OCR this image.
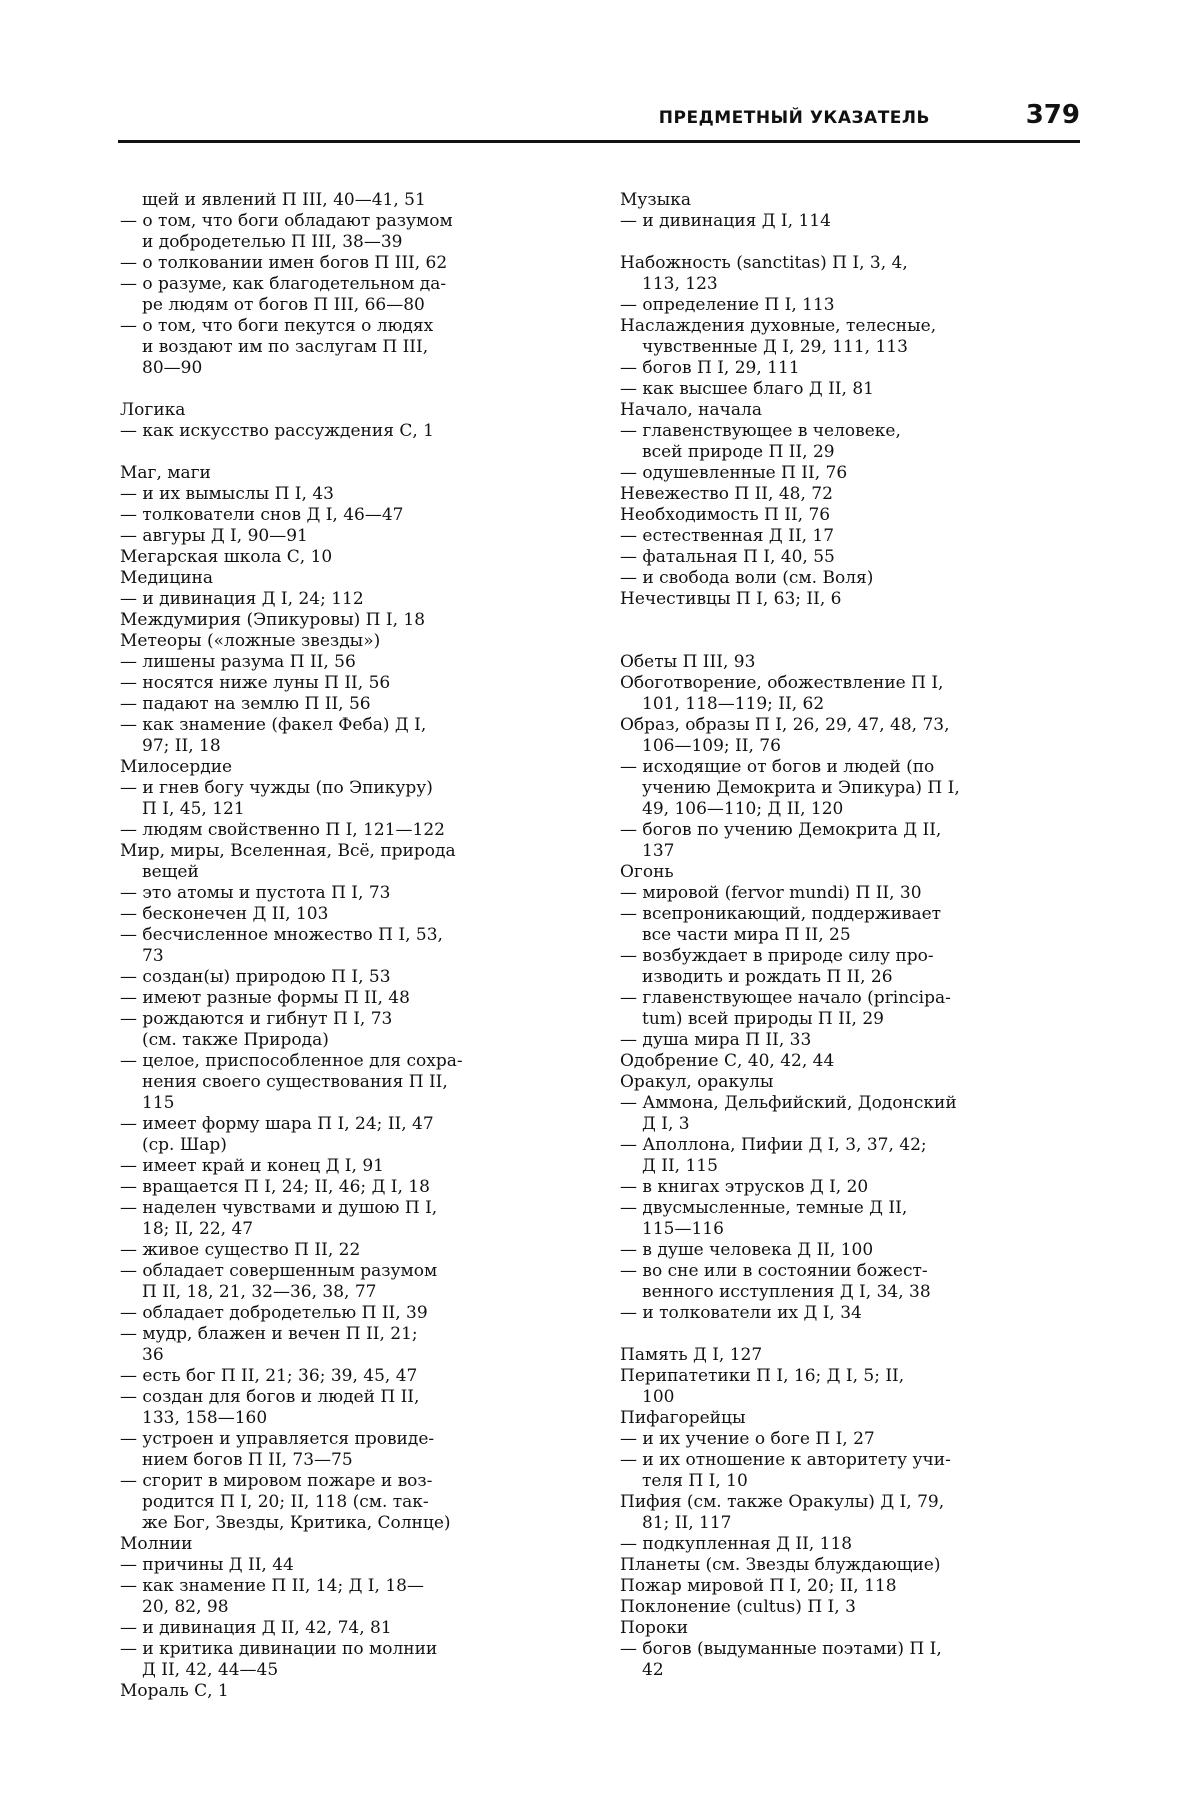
ПРЕДМЕТНЫЙ УКАЗАТЕЛЬ	379
щей и явлений П III, 40—41, 51
— о том, что боги обладают разумом
и добродетелью П III, 38—39
— о толковании имен богов П III, 62
— о разуме, как благодетельном да-
ре людям от богов П III, 66—80
— о том, что боги пекутся о людях
и воздают им по заслугам П III,
80—90
Логика
— как искусство рассуждения С, 1
Маг, маги
— и их вымыслы П I, 43
— толкователи снов Д I, 46—47
— авгуры Д I, 90—91
Мегарская школа С, 10
Медицина
— и дивинация Д I, 24; 112
Междумирия (Эпикуровы) П I, 18
Метеоры («ложные звезды»)
— лишены разума П II, 56
— носятся ниже луны П II, 56
— падают на землю П II, 56
— как знамение (факел Феба) Д I,
97; II, 18
Милосердие
— и гнев богу чужды (по Эпикуру)
П I, 45, 121
— людям свойственно П I, 121—122
Мир, миры, Вселенная, Всё, природа
вещей
— это атомы и пустота П I, 73
— бесконечен Д II, 103
— бесчисленное множество П I, 53,
73
— создан(ы) природою П I, 53
— имеют разные формы П II, 48
— рождаются и гибнут П I, 73
(см. также Природа)
— целое, приспособленное для сохра-
нения своего существования П II,
115
— имеет форму шара П I, 24; II, 47
(ср. Шар)
— имеет край и конец Д I, 91
— вращается П I, 24; II, 46; Д I, 18
— наделен чувствами и душою П I,
18; II, 22, 47
— живое существо П II, 22
— обладает совершенным разумом
П II, 18, 21, 32—36, 38, 77
— обладает добродетелью П II, 39
— мудр, блажен и вечен П II, 21;
36
— есть бог П II, 21; 36; 39, 45, 47
— создан для богов и людей П II,
133, 158—160
— устроен и управляется провиде-
нием богов П II, 73—75
— сгорит в мировом пожаре и воз-
родится П I, 20; II, 118 (см. так-
же Бог, Звезды, Критика, Солнце)
Молнии
— причины Д II, 44
— как знамение П II, 14; Д I, 18—
20, 82, 98
— и дивинация Д II, 42, 74, 81
— и критика дивинации по молнии
Д II, 42, 44—45
Мораль С, 1
Музыка
— и дивинация Д I, 114
Набожность (sanctitas) П I, 3, 4,
113, 123
— определение П I, 113
Наслаждения духовные, телесные,
чувственные Д I, 29, 111, 113
— богов П I, 29, 111
— как высшее благо Д II, 81
Начало, начала
— главенствующее в человеке,
всей природе П II, 29
— одушевленные П II, 76
Невежество П II, 48, 72
Необходимость П II, 76
— естественная Д II, 17
— фатальная П I, 40, 55
— и свобода воли (см. Воля)
Нечестивцы П I, 63; II, 6
Обеты П III, 93
Обоготворение, обожествление П I,
101, 118—119; II, 62
Образ, образы П I, 26, 29, 47, 48, 73,
106—109; II, 76
— исходящие от богов и людей (по
учению Демокрита и Эпикура) П I,
49, 106—110; Д II, 120
— богов по учению Демокрита Д II,
137
Огонь
— мировой (fervor mundi) П II, 30
— всепроникающий, поддерживает
все части мира П II, 25
— возбуждает в природе силу про-
изводить и рождать П II, 26
— главенствующее начало (principa-
tum) всей природы П II, 29
— душа мира П II, 33
Одобрение С, 40, 42, 44
Оракул, оракулы
— Аммона, Дельфийский, Додонский
Д I, 3
— Аполлона, Пифии Д I, 3, 37, 42;
Д II, 115
— в книгах этрусков Д I, 20
— двусмысленные, темные Д II,
115—116
— в душе человека Д II, 100
— во сне или в состоянии божест-
венного исступления Д I, 34, 38
— и толкователи их Д I, 34
Память Д I, 127
Перипатетики П I, 16; Д I, 5; II,
100
Пифагорейцы
— и их учение о боге П I, 27
— и их отношение к авторитету учи-
теля П I, 10
Пифия (см. также Оракулы) Д I, 79,
81; II, 117
— подкупленная Д II, 118
Планеты (см. Звезды блуждающие)
Пожар мировой П I, 20; II, 118
Поклонение (cultus) П I, 3
Пороки
— богов (выдуманные поэтами) П I,
42
